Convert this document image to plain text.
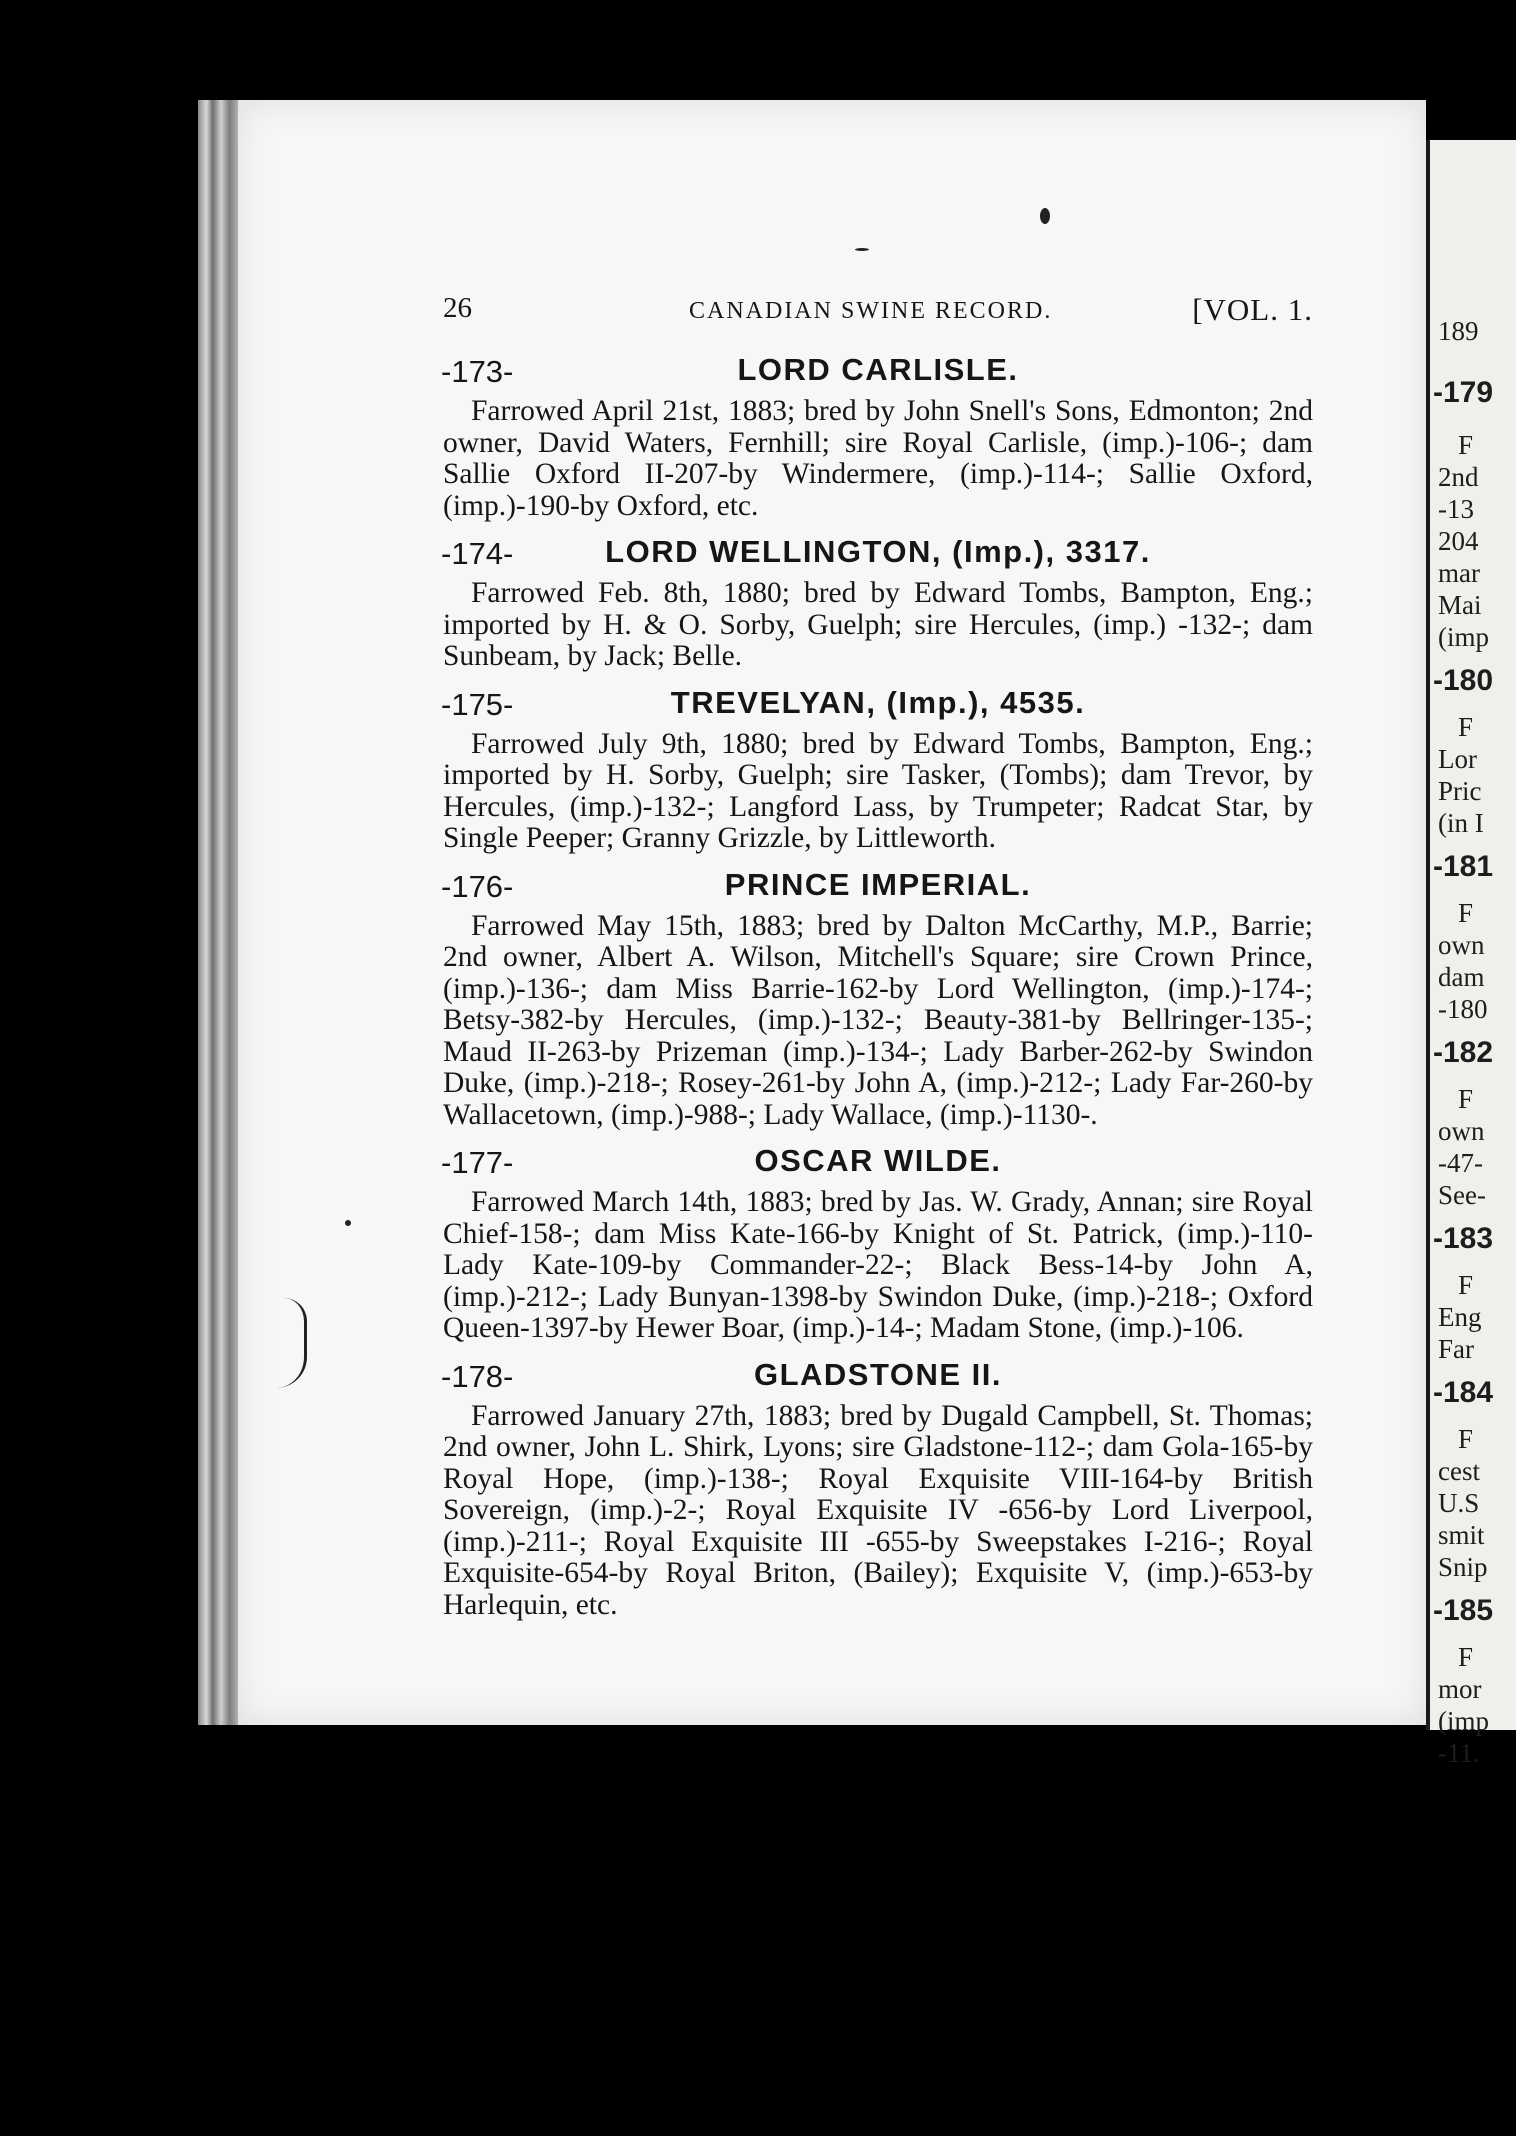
189
-179
F
2nd
-13
204
mar
Mai
(imp
-180
F
Lor
Pric
(in I
-181
F
own
dam
-180
-182
F
own
-47-
See-
-183
F
Eng
Far
-184
F
cest
U.S
smit
Snip
-185
F
mor
(imp
-11.
26	CANADIAN SWINE RECORD.	[VOL. 1.
-173-	LORD CARLISLE.

Farrowed April 21st, 1883; bred by John Snell's Sons, Edmonton; 2nd owner, David Waters, Fernhill; sire Royal Carlisle, (imp.)-106-; dam Sallie Oxford II-207-by Windermere, (imp.)-114-; Sallie Oxford, (imp.)-190-by Oxford, etc.

-174-	LORD WELLINGTON, (Imp.), 3317.

Farrowed Feb. 8th, 1880; bred by Edward Tombs, Bampton, Eng.; imported by H. & O. Sorby, Guelph; sire Hercules, (imp.) -132-; dam Sunbeam, by Jack; Belle.

-175-	TREVELYAN, (Imp.), 4535.

Farrowed July 9th, 1880; bred by Edward Tombs, Bampton, Eng.; imported by H. Sorby, Guelph; sire Tasker, (Tombs); dam Trevor, by Hercules, (imp.)-132-; Langford Lass, by Trumpeter; Radcat Star, by Single Peeper; Granny Grizzle, by Littleworth.

-176-	PRINCE IMPERIAL.

Farrowed May 15th, 1883; bred by Dalton McCarthy, M.P., Barrie; 2nd owner, Albert A. Wilson, Mitchell's Square; sire Crown Prince, (imp.)-136-; dam Miss Barrie-162-by Lord Wellington, (imp.)-174-; Betsy-382-by Hercules, (imp.)-132-; Beauty-381-by Bellringer-135-; Maud II-263-by Prizeman (imp.)-134-; Lady Barber-262-by Swindon Duke, (imp.)-218-; Rosey-261-by John A, (imp.)-212-; Lady Far-260-by Wallacetown, (imp.)-988-; Lady Wallace, (imp.)-1130-.

-177-	OSCAR WILDE.

Farrowed March 14th, 1883; bred by Jas. W. Grady, Annan; sire Royal Chief-158-; dam Miss Kate-166-by Knight of St. Patrick, (imp.)-110- Lady Kate-109-by Commander-22-; Black Bess-14-by John A, (imp.)-212-; Lady Bunyan-1398-by Swindon Duke, (imp.)-218-; Oxford Queen-1397-by Hewer Boar, (imp.)-14-; Madam Stone, (imp.)-106.

-178-	GLADSTONE II.

Farrowed January 27th, 1883; bred by Dugald Campbell, St. Thomas; 2nd owner, John L. Shirk, Lyons; sire Gladstone-112-; dam Gola-165-by Royal Hope, (imp.)-138-; Royal Exquisite VIII-164-by British Sovereign, (imp.)-2-; Royal Exquisite IV -656-by Lord Liverpool, (imp.)-211-; Royal Exquisite III -655-by Sweepstakes I-216-; Royal Exquisite-654-by Royal Briton, (Bailey); Exquisite V, (imp.)-653-by Harlequin, etc.
